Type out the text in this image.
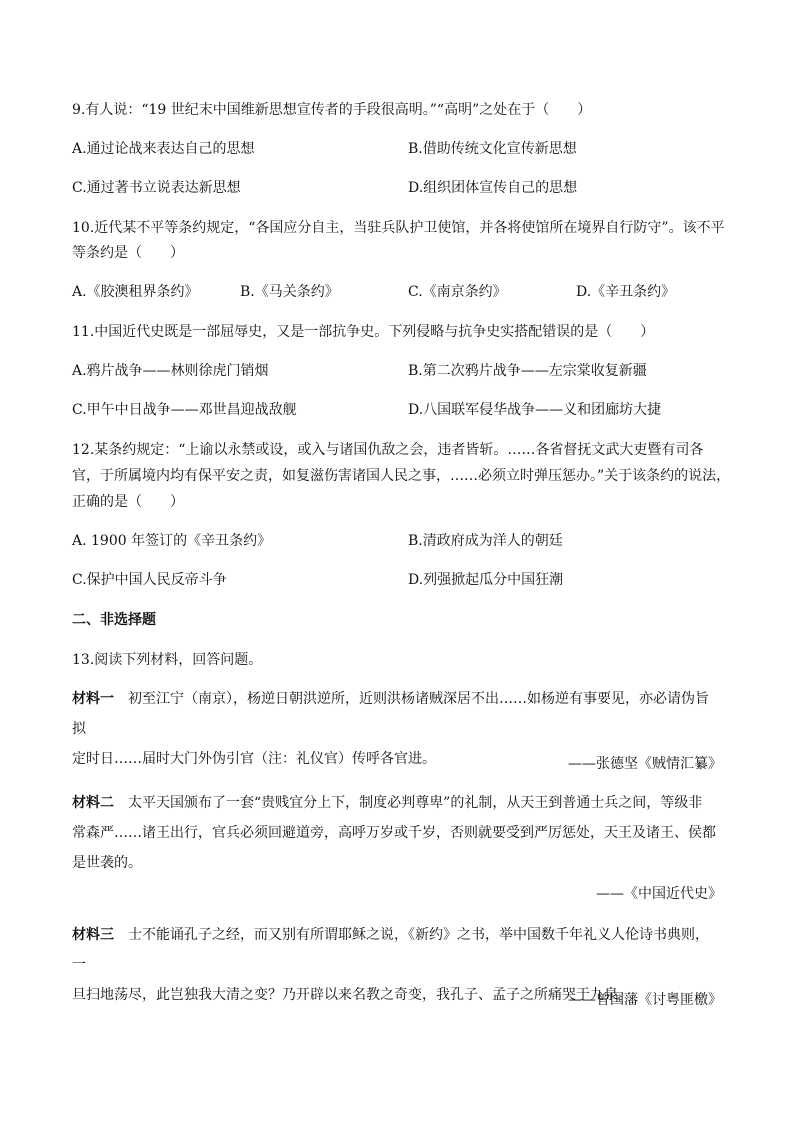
9.有人说：“19 世纪末中国维新思想宣传者的手段很高明。”“高明”之处在于（　　）
A.通过论战来表达自己的思想	B.借助传统文化宣传新思想
C.通过著书立说表达新思想	D.组织团体宣传自己的思想
10.近代某不平等条约规定，“各国应分自主，当驻兵队护卫使馆，并各将使馆所在境界自行防守”。该不平
等条约是（　　）
A.《胶澳租界条约》	B.《马关条约》	C.《南京条约》	D.《辛丑条约》
11.中国近代史既是一部屈辱史，又是一部抗争史。下列侵略与抗争史实搭配错误的是（　　）
A.鸦片战争——林则徐虎门销烟	B.第二次鸦片战争——左宗棠收复新疆
C.甲午中日战争——邓世昌迎战敌舰	D.八国联军侵华战争——义和团廊坊大捷
12.某条约规定：“上谕以永禁或设，或入与诸国仇敌之会，违者皆斩。……各省督抚文武大吏暨有司各
官，于所属境内均有保平安之责，如复滋伤害诸国人民之事，……必须立时弹压惩办。”关于该条约的说法，
正确的是（　　）
A. 1900 年签订的《辛丑条约》	B.清政府成为洋人的朝廷
C.保护中国人民反帝斗争	D.列强掀起瓜分中国狂潮
二、非选择题
13.阅读下列材料，回答问题。
材料一 初至江宁（南京），杨逆日朝洪逆所，近则洪杨诸贼深居不出……如杨逆有事要见，亦必请伪旨拟
定时日……届时大门外伪引官（注：礼仪官）传呼各官进。	——张德坚《贼情汇纂》
材料二 太平天国颁布了一套“贵贱宜分上下，制度必判尊卑”的礼制，从天王到普通士兵之间，等级非
常森严……诸王出行，官兵必须回避道旁，高呼万岁或千岁，否则就要受到严厉惩处，天王及诸王、侯都
是世袭的。
——《中国近代史》
材料三 士不能诵孔子之经，而又别有所谓耶稣之说，《新约》之书，举中国数千年礼义人伦诗书典则，一
旦扫地荡尽，此岂独我大清之变？乃开辟以来名教之奇变，我孔子、孟子之所痛哭于九泉。
——曾国藩《讨粤匪檄》
